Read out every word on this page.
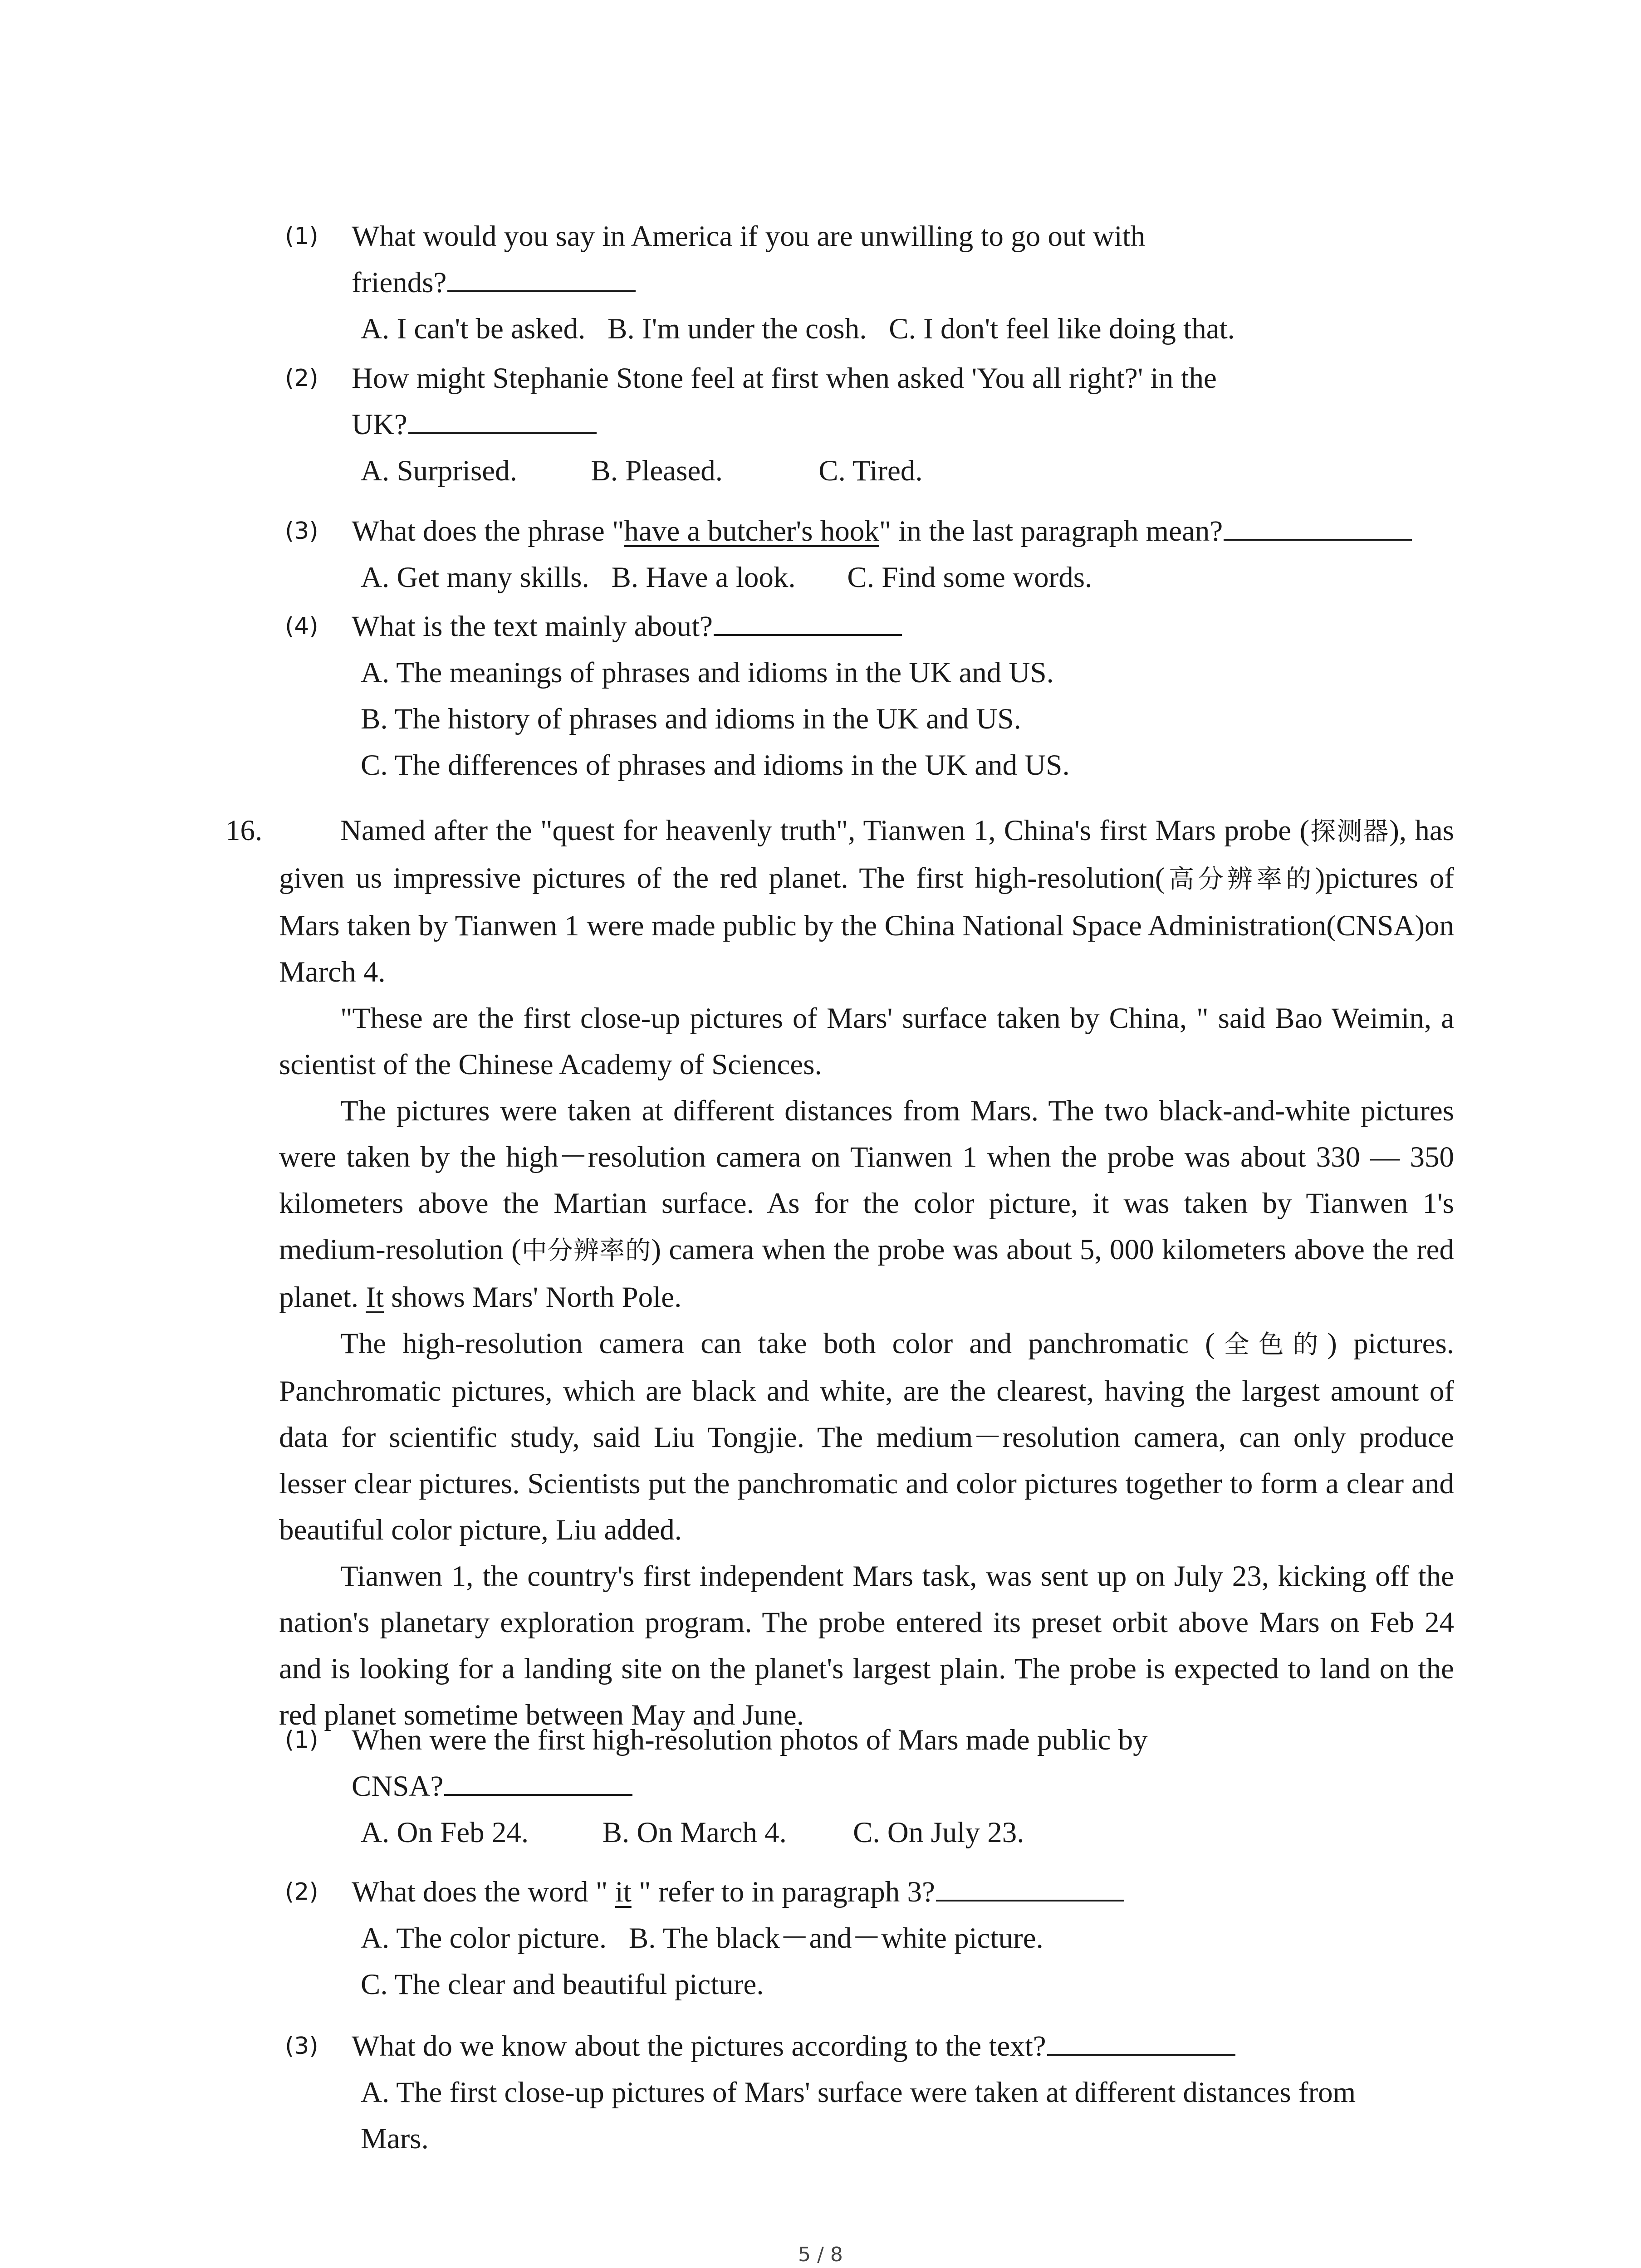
(1) What would you say in America if you are unwilling to go out with
friends?
A. I can't be asked.   B. I'm under the cosh.   C. I don't feel like doing that.
(2) How might Stephanie Stone feel at first when asked 'You all right?' in the
UK?
A. Surprised.          B. Pleased.             C. Tired.
(3) What does the phrase "have a butcher's hook" in the last paragraph mean?
A. Get many skills.   B. Have a look.       C. Find some words.
(4) What is the text mainly about?
A. The meanings of phrases and idioms in the UK and US.
B. The history of phrases and idioms in the UK and US.
C. The differences of phrases and idioms in the UK and US.
16.	Named after the "quest for heavenly truth", Tianwen 1, China's first Mars probe (探测器), has given us impressive pictures of the red planet. The first high-resolution(高分辨率的)pictures of Mars taken by Tianwen 1 were made public by the China National Space Administration(CNSA)on March 4.

"These are the first close-up pictures of Mars' surface taken by China, " said Bao Weimin, a scientist of the Chinese Academy of Sciences.

The pictures were taken at different distances from Mars. The two black-and-white pictures were taken by the high－resolution camera on Tianwen 1 when the probe was about 330 — 350 kilometers above the Martian surface. As for the color picture, it was taken by Tianwen 1's medium-resolution (中分辨率的) camera when the probe was about 5, 000 kilometers above the red planet. It shows Mars' North Pole.

The high-resolution camera can take both color and panchromatic (全色的) pictures. Panchromatic pictures, which are black and white, are the clearest, having the largest amount of data for scientific study, said Liu Tongjie. The medium－resolution camera, can only produce lesser clear pictures. Scientists put the panchromatic and color pictures together to form a clear and beautiful color picture, Liu added.

Tianwen 1, the country's first independent Mars task, was sent up on July 23, kicking off the nation's planetary exploration program. The probe entered its preset orbit above Mars on Feb 24 and is looking for a landing site on the planet's largest plain. The probe is expected to land on the red planet sometime between May and June.

(1) When were the first high-resolution photos of Mars made public by
CNSA?
A. On Feb 24.          B. On March 4.         C. On July 23.
(2) What does the word " it " refer to in paragraph 3?
A. The color picture.   B. The black－and－white picture.
C. The clear and beautiful picture.
(3) What do we know about the pictures according to the text?
A. The first close-up pictures of Mars' surface were taken at different distances from
Mars.
5 / 8
